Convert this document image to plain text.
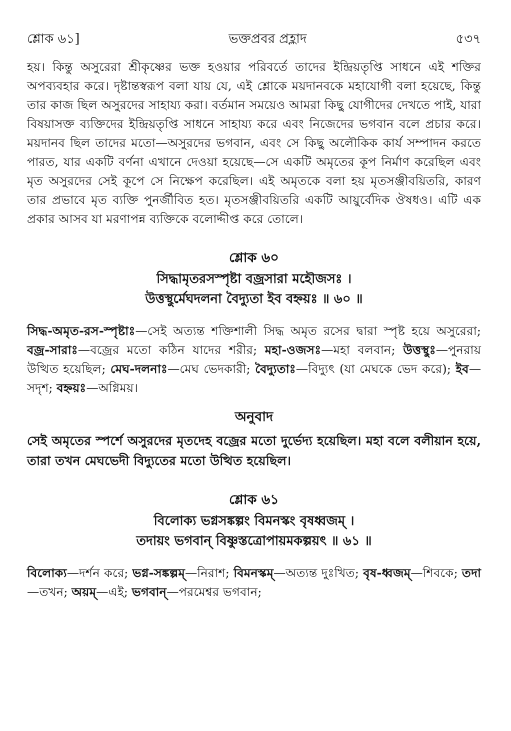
শ্লোক ৬১]	ভক্তপ্রবর প্রহ্লাদ	৫৩৭

হয়। কিন্তু অসুরেরা শ্রীকৃষ্ণের ভক্ত হওয়ার পরিবর্তে তাদের ইন্দ্রিয়তৃপ্তি সাধনে এই শক্তির অপব্যবহার করে। দৃষ্টান্তস্বরূপ বলা যায় যে, এই শ্লোকে ময়দানবকে মহাযোগী বলা হয়েছে, কিন্তু তার কাজ ছিল অসুরদের সাহায্য করা। বর্তমান সময়েও আমরা কিছু যোগীদের দেখতে পাই, যারা বিষয়াসক্ত ব্যক্তিদের ইন্দ্রিয়তৃপ্তি সাধনে সাহায্য করে এবং নিজেদের ভগবান বলে প্রচার করে। ময়দানব ছিল তাদের মতো—অসুরদের ভগবান, এবং সে কিছু অলৌকিক কার্য সম্পাদন করতে পারত, যার একটি বর্ণনা এখানে দেওয়া হয়েছে—সে একটি অমৃতের কূপ নির্মাণ করেছিল এবং মৃত অসুরদের সেই কূপে সে নিক্ষেপ করেছিল। এই অমৃতকে বলা হয় মৃতসঞ্জীবয়িতরি, কারণ তার প্রভাবে মৃত ব্যক্তি পুনর্জীবিত হত। মৃতসঞ্জীবয়িতরি একটি আয়ুর্বেদিক ঔষধও। এটি এক প্রকার আসব যা মরণাপন্ন ব্যক্তিকে বলোদ্দীপ্ত করে তোলে।

শ্লোক ৬০
সিদ্ধামৃতরসস্পৃষ্টা বজ্রসারা মহৌজসঃ ।
উত্তস্থুর্মেঘদলনা বৈদ্যুতা ইব বহ্নয়ঃ ॥ ৬০ ॥
সিদ্ধ-অমৃত-রস-স্পৃষ্টাঃ—সেই অত্যন্ত শক্তিশালী সিদ্ধ অমৃত রসের দ্বারা স্পৃষ্ট হয়ে অসুরেরা; বজ্র-সারাঃ—বজ্রের মতো কঠিন যাদের শরীর; মহা-ওজসঃ—মহা বলবান; উত্তস্থুঃ—পুনরায় উত্থিত হয়েছিল; মেঘ-দলনাঃ—মেঘ ভেদকারী; বৈদ্যুতাঃ—বিদ্যুৎ (যা মেঘকে ভেদ করে); ইব—সদৃশ; বহ্নয়ঃ—অগ্নিময়।
অনুবাদ
সেই অমৃতের স্পর্শে অসুরদের মৃতদেহ বজ্রের মতো দুর্ভেদ্য হয়েছিল। মহা বলে বলীয়ান হয়ে, তারা তখন মেঘভেদী বিদ্যুতের মতো উত্থিত হয়েছিল।
শ্লোক ৬১
বিলোক্য ভগ্নসঙ্কল্পং বিমনস্কং বৃষধ্বজম্ ।
তদায়ং ভগবান্ বিষ্ণুস্তত্রোপায়মকল্পয়ৎ ॥ ৬১ ॥
বিলোক্য—দর্শন করে; ভগ্ন-সঙ্কল্পম্—নিরাশ; বিমনস্কম্—অত্যন্ত দুঃখিত; বৃষ-ধ্বজম্—শিবকে; তদা—তখন; অয়ম্—এই; ভগবান্—পরমেশ্বর ভগবান;
